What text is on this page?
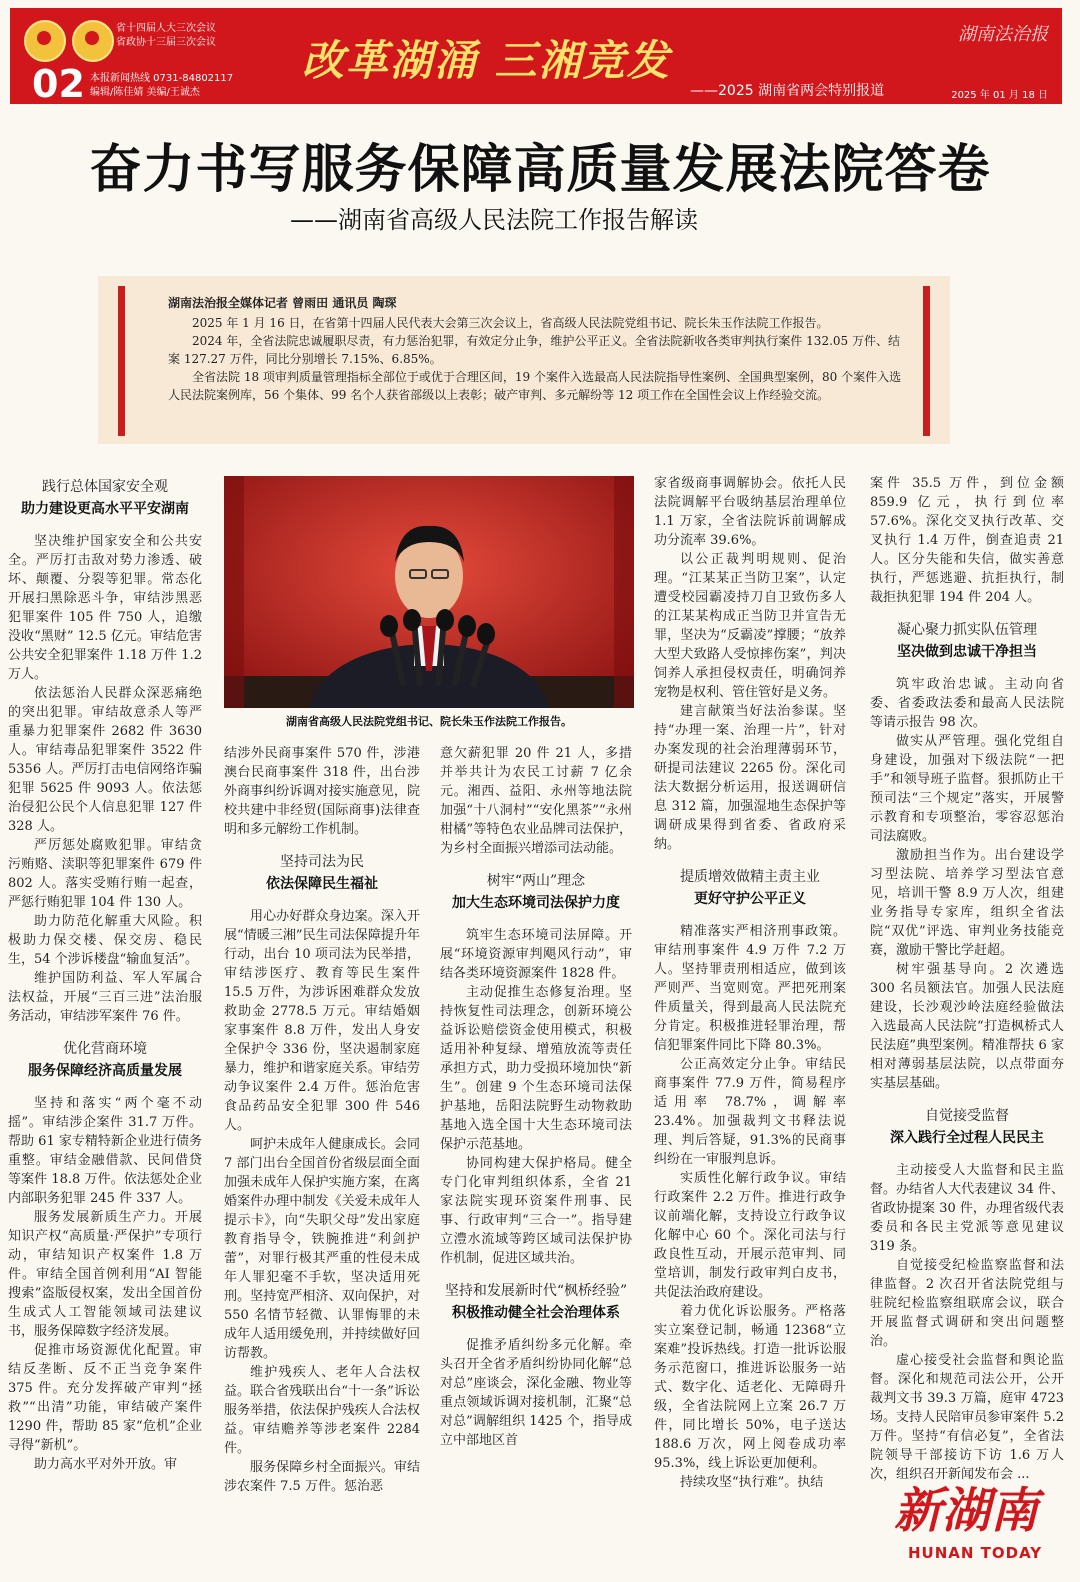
省十四届人大三次会议
省政协十三届三次会议
02 本报新闻热线 0731-84802117
编辑/陈佳婧 美编/王诚杰
改革湖涌 三湘竞发
——2025 湖南省两会特别报道
湖南法治报
2025 年 01 月 18 日
奋力书写服务保障高质量发展法院答卷
——湖南省高级人民法院工作报告解读

湖南法治报全媒体记者 曾雨田 通讯员 陶琛

2025 年 1 月 16 日，在省第十四届人民代表大会第三次会议上，省高级人民法院党组书记、院长朱玉作法院工作报告。

2024 年，全省法院忠诚履职尽责，有力惩治犯罪，有效定分止争，维护公平正义。全省法院新收各类审判执行案件 132.05 万件、结案 127.27 万件，同比分别增长 7.15%、6.85%。

全省法院 18 项审判质量管理指标全部位于或优于合理区间，19 个案件入选最高人民法院指导性案例、全国典型案例，80 个案件入选人民法院案例库，56 个集体、99 名个人获省部级以上表彰；破产审判、多元解纷等 12 项工作在全国性会议上作经验交流。

湖南省高级人民法院党组书记、院长朱玉作法院工作报告。
践行总体国家安全观
助力建设更高水平平安湖南

坚决维护国家安全和公共安全。严厉打击敌对势力渗透、破坏、颠覆、分裂等犯罪。常态化开展扫黑除恶斗争，审结涉黑恶犯罪案件 105 件 750 人，追缴没收“黑财” 12.5 亿元。审结危害公共安全犯罪案件 1.18 万件 1.2 万人。

依法惩治人民群众深恶痛绝的突出犯罪。审结故意杀人等严重暴力犯罪案件 2682 件 3630 人。审结毒品犯罪案件 3522 件 5356 人。严厉打击电信网络诈骗犯罪 5625 件 9093 人。依法惩治侵犯公民个人信息犯罪 127 件 328 人。

严厉惩处腐败犯罪。审结贪污贿赂、渎职等犯罪案件 679 件 802 人。落实受贿行贿一起查，严惩行贿犯罪 104 件 130 人。

助力防范化解重大风险。积极助力保交楼、保交房、稳民生，54 个涉诉楼盘“输血复活”。

维护国防利益、军人军属合法权益，开展“三百三进”法治服务活动，审结涉军案件 76 件。

优化营商环境
服务保障经济高质量发展

坚持和落实“两个毫不动摇”。审结涉企案件 31.7 万件。帮助 61 家专精特新企业进行债务重整。审结金融借款、民间借贷等案件 18.8 万件。依法惩处企业内部职务犯罪 245 件 337 人。

服务发展新质生产力。开展知识产权“高质量·严保护”专项行动，审结知识产权案件 1.8 万件。审结全国首例利用“AI 智能搜索”盗版侵权案，发出全国首份生成式人工智能领域司法建议书，服务保障数字经济发展。

促推市场资源优化配置。审结反垄断、反不正当竞争案件 375 件。充分发挥破产审判“拯救”“出清”功能，审结破产案件 1290 件，帮助 85 家“危机”企业寻得“新机”。

助力高水平对外开放。审

结涉外民商事案件 570 件，涉港澳台民商事案件 318 件，出台涉外商事纠纷诉调对接实施意见，院校共建中非经贸(国际商事)法律查明和多元解纷工作机制。

坚持司法为民
依法保障民生福祉

用心办好群众身边案。深入开展“情暖三湘”民生司法保障提升年行动，出台 10 项司法为民举措，审结涉医疗、教育等民生案件 15.5 万件，为涉诉困难群众发放救助金 2778.5 万元。审结婚姻家事案件 8.8 万件，发出人身安全保护令 336 份，坚决遏制家庭暴力，维护和谐家庭关系。审结劳动争议案件 2.4 万件。惩治危害食品药品安全犯罪 300 件 546 人。

呵护未成年人健康成长。会同 7 部门出台全国首份省级层面全面加强未成年人保护实施方案，在离婚案件办理中制发《关爱未成年人提示卡》，向“失职父母”发出家庭教育指导令，铁腕推进“利剑护蕾”，对罪行极其严重的性侵未成年人罪犯毫不手软，坚决适用死刑。坚持宽严相济、双向保护，对 550 名情节轻微、认罪悔罪的未成年人适用缓免刑，并持续做好回访帮教。

维护残疾人、老年人合法权益。联合省残联出台“十一条”诉讼服务举措，依法保护残疾人合法权益。审结赡养等涉老案件 2284 件。

服务保障乡村全面振兴。审结涉农案件 7.5 万件。惩治恶

意欠薪犯罪 20 件 21 人，多措并举共计为农民工讨薪 7 亿余元。湘西、益阳、永州等地法院加强“十八洞村”“安化黑茶”“永州柑橘”等特色农业品牌司法保护，为乡村全面振兴增添司法动能。

树牢“两山”理念
加大生态环境司法保护力度

筑牢生态环境司法屏障。开展“环境资源审判飓风行动”，审结各类环境资源案件 1828 件。

主动促推生态修复治理。坚持恢复性司法理念，创新环境公益诉讼赔偿资金使用模式，积极适用补种复绿、增殖放流等责任承担方式，助力受损环境加快“新生”。创建 9 个生态环境司法保护基地，岳阳法院野生动物救助基地入选全国十大生态环境司法保护示范基地。

协同构建大保护格局。健全专门化审判组织体系，全省 21 家法院实现环资案件刑事、民事、行政审判“三合一”。指导建立澧水流域等跨区域司法保护协作机制，促进区域共治。

坚持和发展新时代“枫桥经验”
积极推动健全社会治理体系

促推矛盾纠纷多元化解。牵头召开全省矛盾纠纷协同化解“总对总”座谈会，深化金融、物业等重点领域诉调对接机制，汇聚“总对总”调解组织 1425 个，指导成立中部地区首

家省级商事调解协会。依托人民法院调解平台吸纳基层治理单位 1.1 万家，全省法院诉前调解成功分流率 39.6%。

以公正裁判明规则、促治理。“江某某正当防卫案”，认定遭受校园霸凌持刀自卫致伤多人的江某某构成正当防卫并宣告无罪，坚决为“反霸凌”撑腰；“放养大型犬致路人受惊摔伤案”，判决饲养人承担侵权责任，明确饲养宠物是权利、管住管好是义务。

建言献策当好法治参谋。坚持“办理一案、治理一片”，针对办案发现的社会治理薄弱环节，研提司法建议 2265 份。深化司法大数据分析运用，报送调研信息 312 篇，加强湿地生态保护等调研成果得到省委、省政府采纳。

提质增效做精主责主业
更好守护公平正义

精准落实严相济刑事政策。审结刑事案件 4.9 万件 7.2 万人。坚持罪责刑相适应，做到该严则严、当宽则宽。严把死刑案件质量关，得到最高人民法院充分肯定。积极推进轻罪治理，帮信犯罪案件同比下降 80.3%。

公正高效定分止争。审结民商事案件 77.9 万件，简易程序适用率 78.7%，调解率 23.4%。加强裁判文书释法说理、判后答疑，91.3%的民商事纠纷在一审服判息诉。

实质性化解行政争议。审结行政案件 2.2 万件。推进行政争议前端化解，支持设立行政争议化解中心 60 个。深化司法与行政良性互动，开展示范审判、同堂培训，制发行政审判白皮书，共促法治政府建设。

着力优化诉讼服务。严格落实立案登记制，畅通 12368“立案难”投诉热线。打造一批诉讼服务示范窗口，推进诉讼服务一站式、数字化、适老化、无障碍升级，全省法院网上立案 26.7 万件，同比增长 50%，电子送达 188.6 万次，网上阅卷成功率 95.3%，线上诉讼更加便利。

持续攻坚“执行难”。执结

案件 35.5 万件，到位金额 859.9 亿元，执行到位率 57.6%。深化交叉执行改革、交叉执行 1.4 万件，倒查追责 21 人。区分失能和失信，做实善意执行，严惩逃避、抗拒执行，制裁拒执犯罪 194 件 204 人。

凝心聚力抓实队伍管理
坚决做到忠诚干净担当

筑牢政治忠诚。主动向省委、省委政法委和最高人民法院等请示报告 98 次。

做实从严管理。强化党组自身建设，加强对下级法院“一把手”和领导班子监督。狠抓防止干预司法“三个规定”落实，开展警示教育和专项整治，零容忍惩治司法腐败。

激励担当作为。出台建设学习型法院、培养学习型法官意见，培训干警 8.9 万人次，组建业务指导专家库，组织全省法院“双优”评选、审判业务技能竞赛，激励干警比学赶超。

树牢强基导向。2 次遴选 300 名员额法官。加强人民法庭建设，长沙观沙岭法庭经验做法入选最高人民法院“打造枫桥式人民法庭”典型案例。精准帮扶 6 家相对薄弱基层法院，以点带面夯实基层基础。

自觉接受监督
深入践行全过程人民民主

主动接受人大监督和民主监督。办结省人大代表建议 34 件、省政协提案 30 件，办理省级代表委员和各民主党派等意见建议 319 条。

自觉接受纪检监察监督和法律监督。2 次召开省法院党组与驻院纪检监察组联席会议，联合开展监督式调研和突出问题整治。

虚心接受社会监督和舆论监督。深化和规范司法公开，公开裁判文书 39.3 万篇，庭审 4723 场。支持人民陪审员参审案件 5.2 万件。坚持“有信必复”，全省法院领导干部接访下访 1.6 万人次，组织召开新闻发布会 ...

新湖南
HUNAN TODAY
